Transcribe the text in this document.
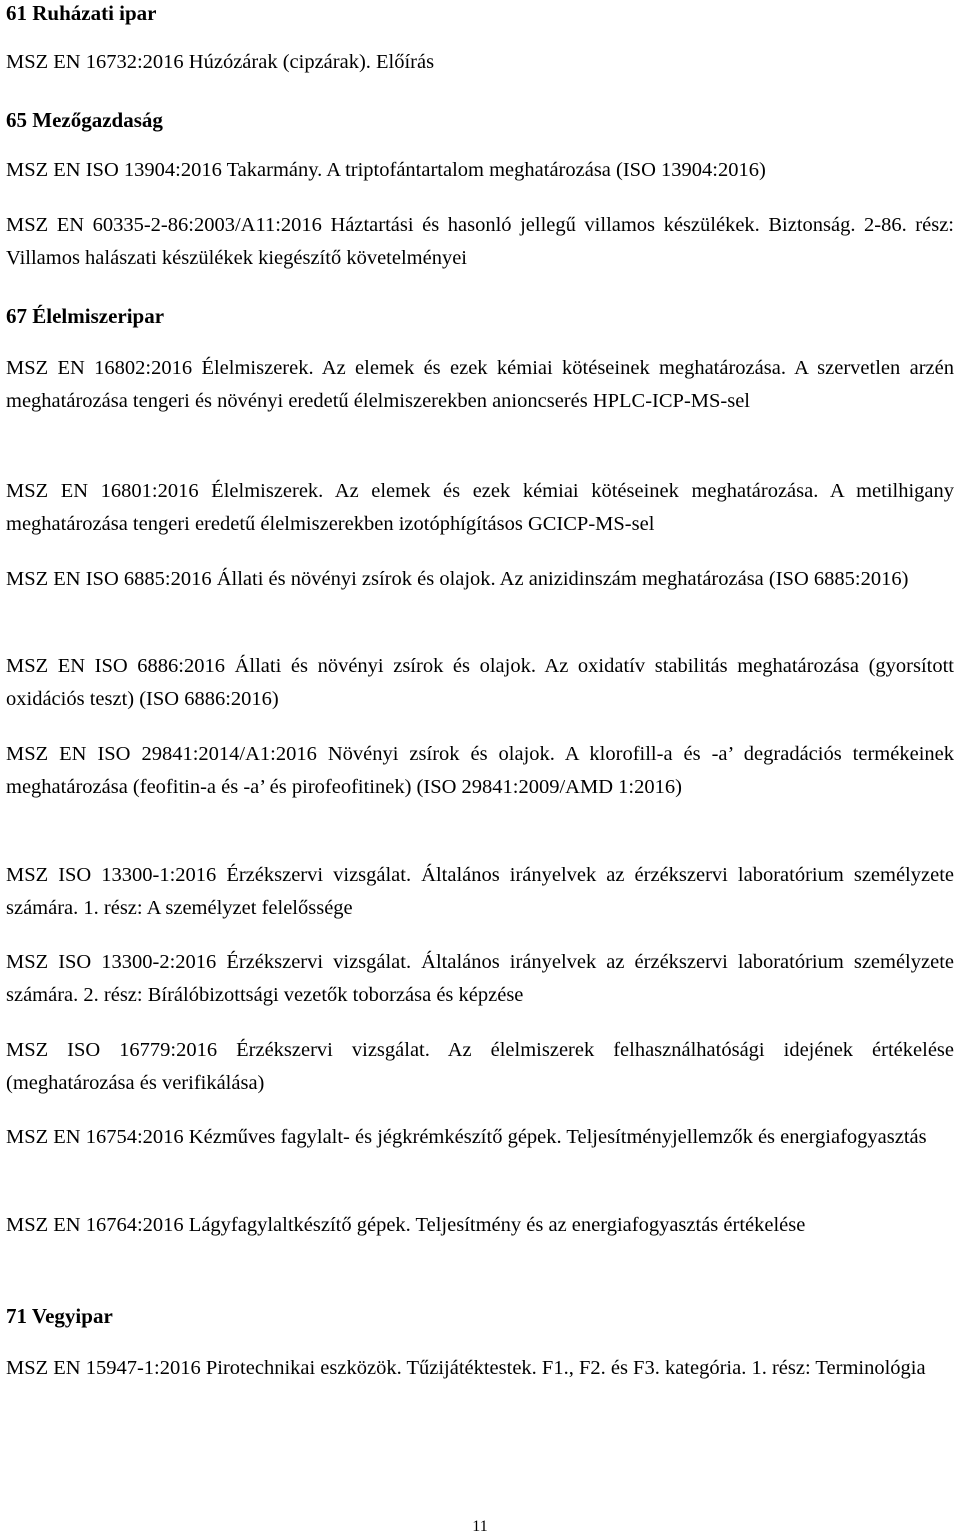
61 Ruházati ipar
MSZ EN 16732:2016 Húzózárak (cipzárak). Előírás
65 Mezőgazdaság
MSZ EN ISO 13904:2016 Takarmány. A triptofántartalom meghatározása (ISO 13904:2016)
MSZ EN 60335-2-86:2003/A11:2016 Háztartási és hasonló jellegű villamos készülékek. Biztonság. 2-86. rész: Villamos halászati készülékek kiegészítő követelményei
67 Élelmiszeripar
MSZ EN 16802:2016 Élelmiszerek. Az elemek és ezek kémiai kötéseinek meghatározása. A szervetlen arzén meghatározása tengeri és növényi eredetű élelmiszerekben anioncserés HPLC-ICP-MS-sel
MSZ EN 16801:2016 Élelmiszerek. Az elemek és ezek kémiai kötéseinek meghatározása. A metilhigany meghatározása tengeri eredetű élelmiszerekben izotóphígításos GCICP-MS-sel
MSZ EN ISO 6885:2016 Állati és növényi zsírok és olajok. Az anizidinszám meghatározása (ISO 6885:2016)
MSZ EN ISO 6886:2016 Állati és növényi zsírok és olajok. Az oxidatív stabilitás meghatározása (gyorsított oxidációs teszt) (ISO 6886:2016)
MSZ EN ISO 29841:2014/A1:2016 Növényi zsírok és olajok. A klorofill-a és -a’ degradációs termékeinek meghatározása (feofitin-a és -a’ és pirofeofitinek) (ISO 29841:2009/AMD 1:2016)
MSZ ISO 13300-1:2016 Érzékszervi vizsgálat. Általános irányelvek az érzékszervi laboratórium személyzete számára. 1. rész: A személyzet felelőssége
MSZ ISO 13300-2:2016 Érzékszervi vizsgálat. Általános irányelvek az érzékszervi laboratórium személyzete számára. 2. rész: Bírálóbizottsági vezetők toborzása és képzése
MSZ ISO 16779:2016 Érzékszervi vizsgálat. Az élelmiszerek felhasználhatósági idejének értékelése (meghatározása és verifikálása)
MSZ EN 16754:2016 Kézműves fagylalt- és jégkrémkészítő gépek. Teljesítményjellemzők és energiafogyasztás
MSZ EN 16764:2016 Lágyfagylaltkészítő gépek. Teljesítmény és az energiafogyasztás értékelése
71 Vegyipar
MSZ EN 15947-1:2016 Pirotechnikai eszközök. Tűzijátéktestek. F1., F2. és F3. kategória. 1. rész: Terminológia
11
